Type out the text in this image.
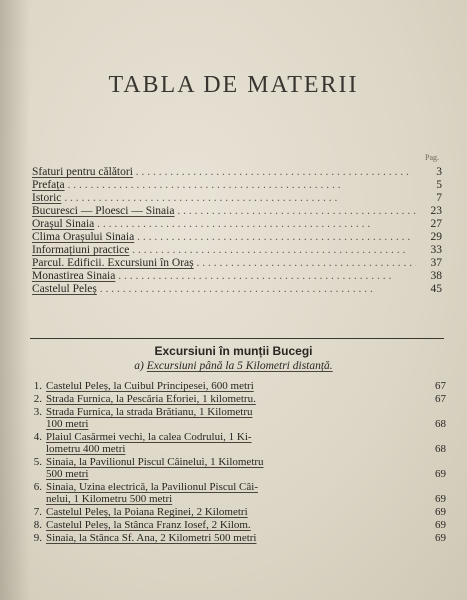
TABLA DE MATERII
Pag.
Sfaturi pentru călători . . .	3
Prefața . . .	5
Istoric . . .	7
Bucuresci — Ploesci — Sinaia . . .	23
Orașul Sinaia . . .	27
Clima Orașului Sinaia . . .	29
Informațiuni practice . . .	33
Parcul. Edificii. Excursiuni în Oraș . . .	37
Monastirea Sinaia . . .	38
Castelul Peleș . . .	45
Excursiuni în munții Bucegi
a) Excursiuni până la 5 Kilometri distanță.
1. Castelul Peleș, la Cuibul Principesei, 600 metri	67
2. Strada Furnica, la Pescăria Eforiei, 1 kilometru.	67
3. Strada Furnica, la strada Brătianu, 1 Kilometru
100 metri	68
4. Plaiul Casărmei vechi, la calea Codrului, 1 Ki-
lometru 400 metri	68
5. Sinaia, la Pavilionul Piscul Câinelui, 1 Kilometru
500 metri	69
6. Sinaia, Uzina electrică, la Pavilionul Piscul Câi-
nelui, 1 Kilometru 500 metri	69
7. Castelul Peleș, la Poiana Reginei, 2 Kilometri	69
8. Castelul Peleș, la Stânca Franz Iosef, 2 Kilom.	69
9. Sinaia, la Stânca Sf. Ana, 2 Kilometri 500 metri	69
